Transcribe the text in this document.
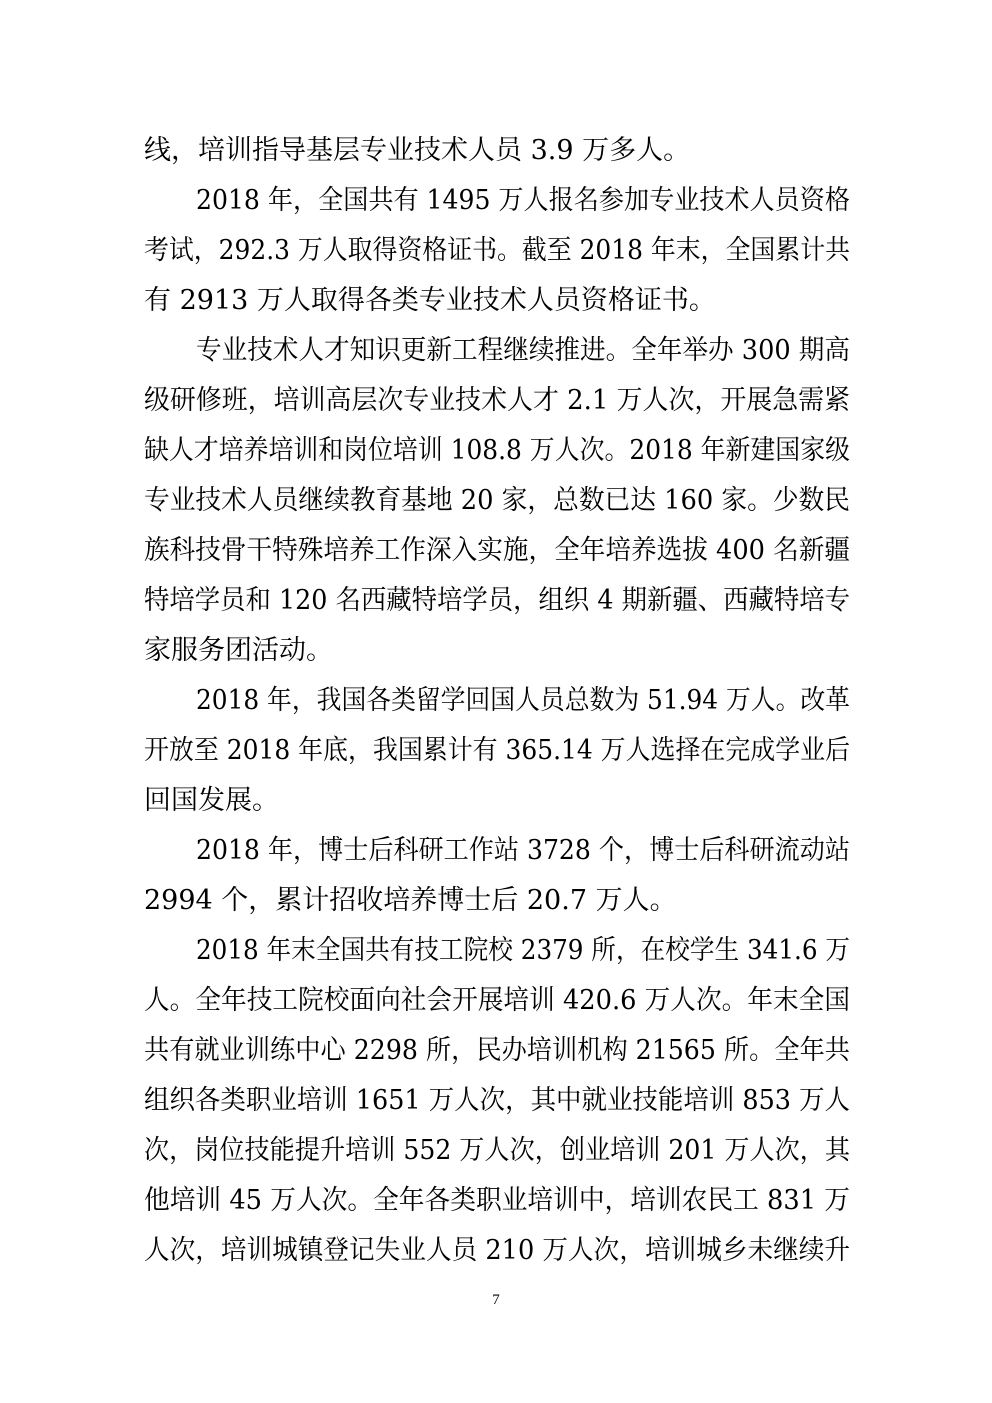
线，培训指导基层专业技术人员 3.9 万多人。
2018 年，全国共有 1495 万人报名参加专业技术人员资格
考试，292.3 万人取得资格证书。截至 2018 年末，全国累计共
有 2913 万人取得各类专业技术人员资格证书。
专业技术人才知识更新工程继续推进。全年举办 300 期高
级研修班，培训高层次专业技术人才 2.1 万人次，开展急需紧
缺人才培养培训和岗位培训 108.8 万人次。2018 年新建国家级
专业技术人员继续教育基地 20 家，总数已达 160 家。少数民
族科技骨干特殊培养工作深入实施，全年培养选拔 400 名新疆
特培学员和 120 名西藏特培学员，组织 4 期新疆、西藏特培专
家服务团活动。
2018 年，我国各类留学回国人员总数为 51.94 万人。改革
开放至 2018 年底，我国累计有 365.14 万人选择在完成学业后
回国发展。
2018 年，博士后科研工作站 3728 个，博士后科研流动站
2994 个，累计招收培养博士后 20.7 万人。
2018 年末全国共有技工院校 2379 所，在校学生 341.6 万
人。全年技工院校面向社会开展培训 420.6 万人次。年末全国
共有就业训练中心 2298 所，民办培训机构 21565 所。全年共
组织各类职业培训 1651 万人次，其中就业技能培训 853 万人
次，岗位技能提升培训 552 万人次，创业培训 201 万人次，其
他培训 45 万人次。全年各类职业培训中，培训农民工 831 万
人次，培训城镇登记失业人员 210 万人次，培训城乡未继续升
7
